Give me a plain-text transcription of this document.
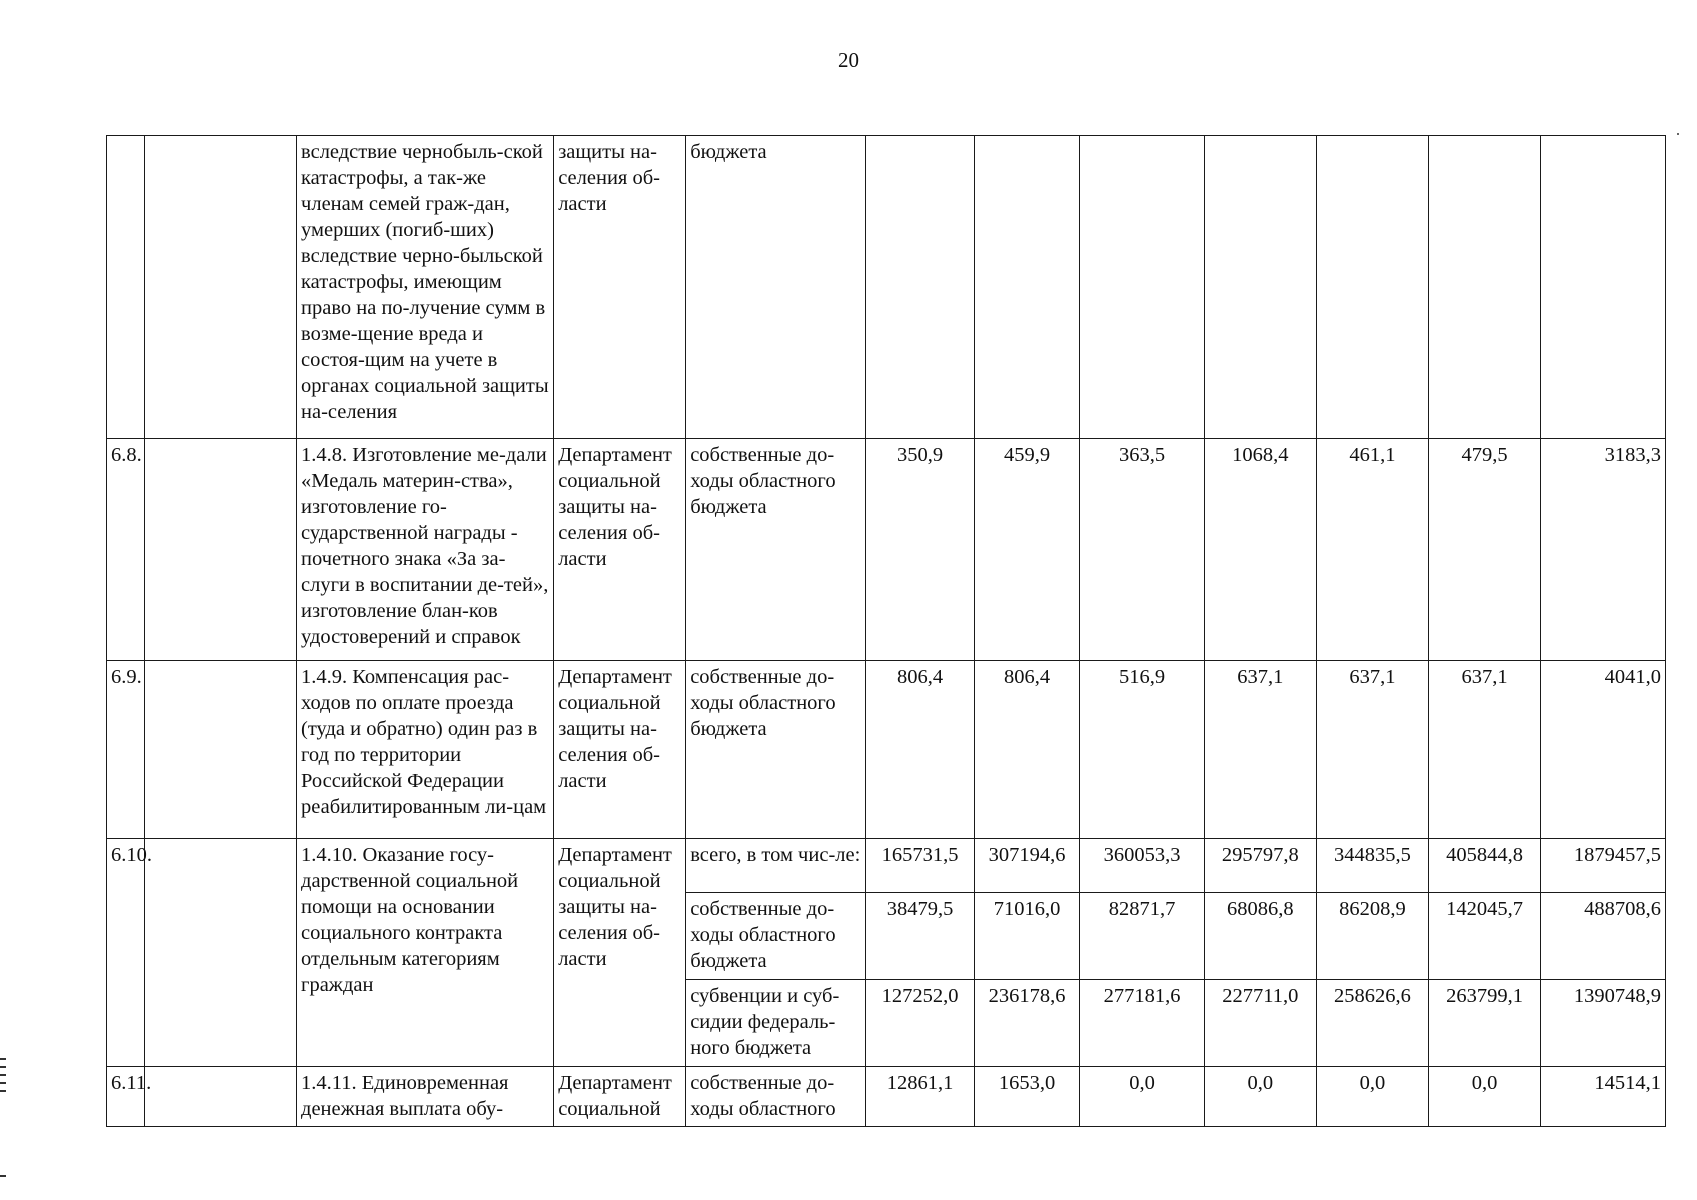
20
		вследствие чернобыль-ской катастрофы, а так-же членам семей граж-дан, умерших (погиб-ших) вследствие черно-быльской катастрофы, имеющим право на по-лучение сумм в возме-щение вреда и состоя-щим на учете в органах социальной защиты на-селения	защиты на-селения об-ласти	бюджета							
6.8.		1.4.8. Изготовление ме-дали «Медаль материн-ства», изготовление го-сударственной награды - почетного знака «За за-слуги в воспитании де-тей», изготовление блан-ков удостоверений и справок	Департамент социальной защиты на-селения об-ласти	собственные до-ходы областного бюджета	350,9	459,9	363,5	1068,4	461,1	479,5	3183,3
6.9.		1.4.9. Компенсация рас-ходов по оплате проезда (туда и обратно) один раз в год по территории Российской Федерации реабилитированным ли-цам	Департамент социальной защиты на-селения об-ласти	собственные до-ходы областного бюджета	806,4	806,4	516,9	637,1	637,1	637,1	4041,0
6.10.		1.4.10. Оказание госу-дарственной социальной помощи на основании социального контракта отдельным категориям граждан	Департамент социальной защиты на-селения об-ласти	всего, в том чис-ле:	165731,5	307194,6	360053,3	295797,8	344835,5	405844,8	1879457,5
				собственные до-ходы областного бюджета	38479,5	71016,0	82871,7	68086,8	86208,9	142045,7	488708,6
				субвенции и суб-сидии федераль-ного бюджета	127252,0	236178,6	277181,6	227711,0	258626,6	263799,1	1390748,9
6.11.		1.4.11. Единовременная денежная выплата обу-	Департамент социальной	собственные до-ходы областного	12861,1	1653,0	0,0	0,0	0,0	0,0	14514,1
